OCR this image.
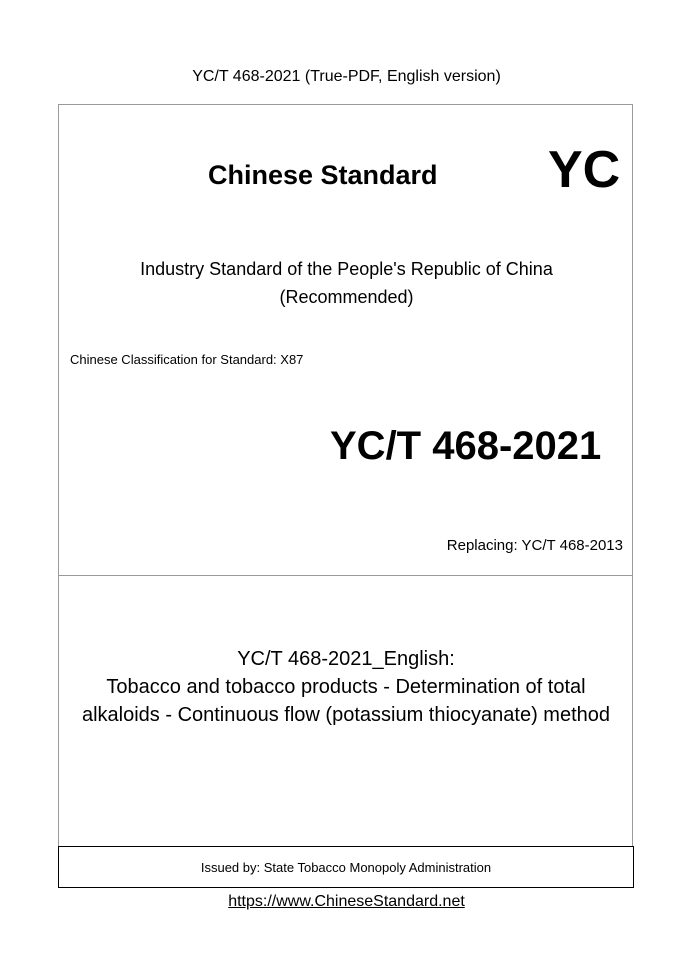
YC/T 468-2021 (True-PDF, English version)
Chinese Standard YC
Industry Standard of the People's Republic of China
(Recommended)
Chinese Classification for Standard: X87
YC/T 468-2021
Replacing: YC/T 468-2013
YC/T 468-2021_English:
Tobacco and tobacco products - Determination of total
alkaloids - Continuous flow (potassium thiocyanate) method
Issued by: State Tobacco Monopoly Administration
https://www.ChineseStandard.net
